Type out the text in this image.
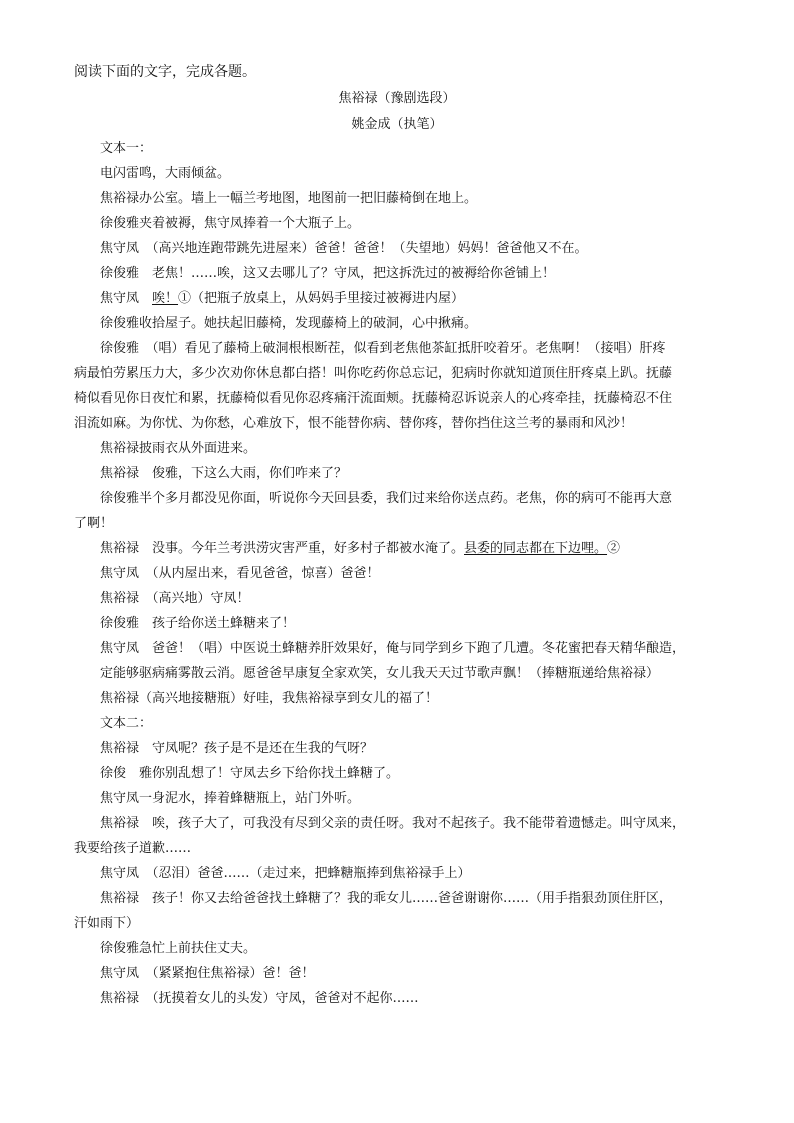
阅读下面的文字，完成各题。
焦裕禄（豫剧选段）
姚金成（执笔）
文本一：
电闪雷鸣，大雨倾盆。
焦裕禄办公室。墙上一幅兰考地图，地图前一把旧藤椅倒在地上。
徐俊雅夹着被褥，焦守凤捧着一个大瓶子上。
焦守凤　（高兴地连跑带跳先进屋来）爸爸！爸爸！（失望地）妈妈！爸爸他又不在。
徐俊雅　老焦！……唉，这又去哪儿了？守凤，把这拆洗过的被褥给你爸铺上！
焦守凤　唉！①（把瓶子放桌上，从妈妈手里接过被褥进内屋）
徐俊雅收拾屋子。她扶起旧藤椅，发现藤椅上的破洞，心中揪痛。
徐俊雅　（唱）看见了藤椅上破洞根根断茬，似看到老焦他茶缸抵肝咬着牙。老焦啊！（接唱）肝疼
病最怕劳累压力大，多少次劝你休息都白搭！叫你吃药你总忘记，犯病时你就知道顶住肝疼桌上趴。抚藤
椅似看见你日夜忙和累，抚藤椅似看见你忍疼痛汗流面颊。抚藤椅忍诉说亲人的心疼牵挂，抚藤椅忍不住
泪流如麻。为你忧、为你愁，心难放下，恨不能替你病、替你疼，替你挡住这兰考的暴雨和风沙！
焦裕禄披雨衣从外面进来。
焦裕禄　俊雅，下这么大雨，你们咋来了？
徐俊雅半个多月都没见你面，听说你今天回县委，我们过来给你送点药。老焦，你的病可不能再大意
了啊！
焦裕禄　没事。今年兰考洪涝灾害严重，好多村子都被水淹了。县委的同志都在下边哩。②
焦守凤　（从内屋出来，看见爸爸，惊喜）爸爸！
焦裕禄　（高兴地）守凤！
徐俊雅　孩子给你送土蜂糖来了！
焦守凤　爸爸！（唱）中医说土蜂糖养肝效果好，俺与同学到乡下跑了几遭。冬花蜜把春天精华酿造，
定能够驱病痛雾散云消。愿爸爸早康复全家欢笑，女儿我天天过节歌声飘！（捧糖瓶递给焦裕禄）
焦裕禄（高兴地接糖瓶）好哇，我焦裕禄享到女儿的福了！
文本二：
焦裕禄　守凤呢？孩子是不是还在生我的气呀？
徐俊　雅你别乱想了！守凤去乡下给你找土蜂糖了。
焦守凤一身泥水，捧着蜂糖瓶上，站门外听。
焦裕禄　唉，孩子大了，可我没有尽到父亲的责任呀。我对不起孩子。我不能带着遗憾走。叫守凤来，
我要给孩子道歉……
焦守凤　（忍泪）爸爸……（走过来，把蜂糖瓶捧到焦裕禄手上）
焦裕禄　孩子！你又去给爸爸找土蜂糖了？我的乖女儿……爸爸谢谢你……（用手指狠劲顶住肝区，
汗如雨下）
徐俊雅急忙上前扶住丈夫。
焦守凤　（紧紧抱住焦裕禄）爸！爸！
焦裕禄　（抚摸着女儿的头发）守凤，爸爸对不起你……
